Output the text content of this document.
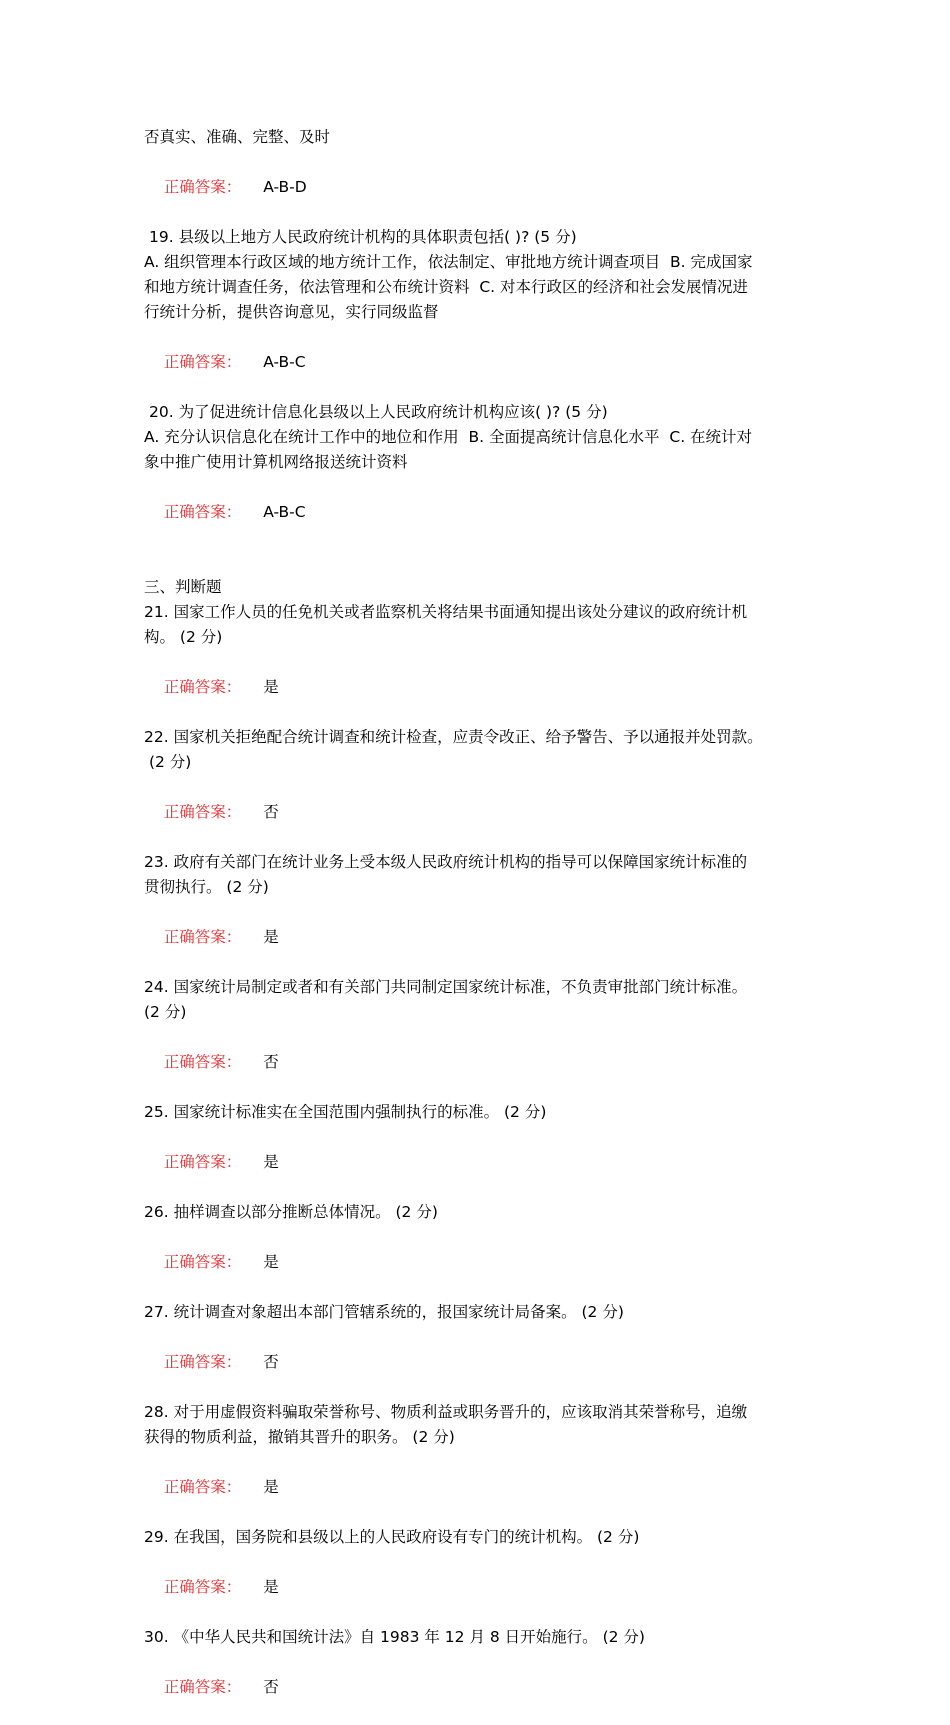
否真实、准确、完整、及时

正确答案： A-B-D

19. 县级以上地方人民政府统计机构的具体职责包括( )? (5 分)
A. 组织管理本行政区域的地方统计工作，依法制定、审批地方统计调查项目  B. 完成国家
和地方统计调查任务，依法管理和公布统计资料  C. 对本行政区的经济和社会发展情况进
行统计分析，提供咨询意见，实行同级监督

正确答案： A-B-C

20. 为了促进统计信息化县级以上人民政府统计机构应该( )? (5 分)
A. 充分认识信息化在统计工作中的地位和作用  B. 全面提高统计信息化水平  C. 在统计对
象中推广使用计算机网络报送统计资料

正确答案： A-B-C

三、判断题
21. 国家工作人员的任免机关或者监察机关将结果书面通知提出该处分建议的政府统计机
构。 (2 分)

正确答案： 是

22. 国家机关拒绝配合统计调查和统计检查，应责令改正、给予警告、予以通报并处罚款。
(2 分)

正确答案： 否

23. 政府有关部门在统计业务上受本级人民政府统计机构的指导可以保障国家统计标准的
贯彻执行。 (2 分)

正确答案： 是

24. 国家统计局制定或者和有关部门共同制定国家统计标准，不负责审批部门统计标准。
(2 分)

正确答案： 否

25. 国家统计标准实在全国范围内强制执行的标准。 (2 分)

正确答案： 是

26. 抽样调查以部分推断总体情况。 (2 分)

正确答案： 是

27. 统计调查对象超出本部门管辖系统的，报国家统计局备案。 (2 分)

正确答案： 否

28. 对于用虚假资料骗取荣誉称号、物质利益或职务晋升的，应该取消其荣誉称号，追缴
获得的物质利益，撤销其晋升的职务。 (2 分)

正确答案： 是

29. 在我国，国务院和县级以上的人民政府设有专门的统计机构。 (2 分)

正确答案： 是

30. 《中华人民共和国统计法》自 1983 年 12 月 8 日开始施行。 (2 分)

正确答案： 否
